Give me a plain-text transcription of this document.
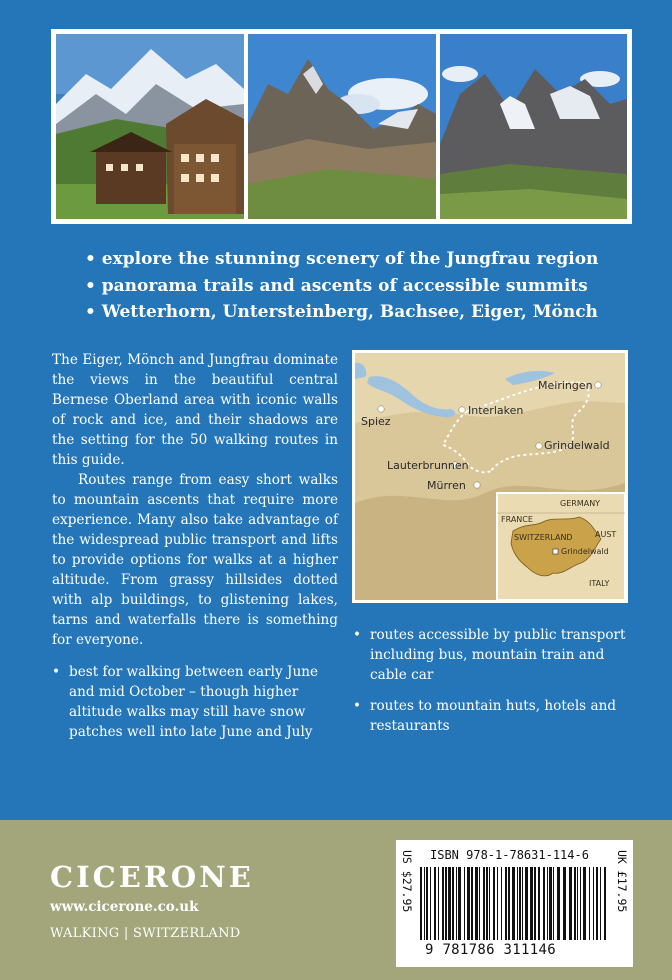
• explore the stunning scenery of the Jungfrau region
• panorama trails and ascents of accessible summits
• Wetterhorn, Untersteinberg, Bachsee, Eiger, Mönch

The Eiger, Mönch and Jungfrau dominate the views in the beautiful central Bernese Oberland area with iconic walls of rock and ice, and their shadows are the setting for the 50 walking routes in this guide.

Routes range from easy short walks to mountain ascents that require more experience. Many also take advantage of the widespread public transport and lifts to provide options for walks at a higher altitude. From grassy hillsides dotted with alp buildings, to glistening lakes, tarns and waterfalls there is something for everyone.

• best for walking between early June and mid October – though higher altitude walks may still have snow patches well into late June and July
Meiringen
Spiez
Interlaken
Grindelwald
Lauterbrunnen
Mürren
GERMANY
FRANCE
AUST
SWITZERLAND
ITALY
Grindelwald
• routes accessible by public transport including bus, mountain train and cable car
• routes to mountain huts, hotels and restaurants
CICERONE
www.cicerone.co.uk
WALKING | SWITZERLAND
ISBN 978-1-78631-114-6
US $27.95	UK £17.95
9 781786 311146
